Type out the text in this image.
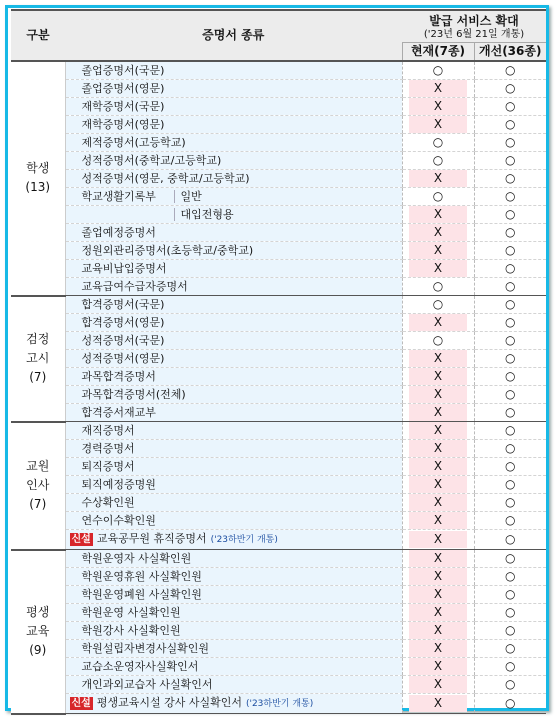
구분	증명서 종류	발급 서비스 확대
('23년 6월 21일 개통)	

		현재(7종)	개선(36종)

학생
(13)	졸업증명서(국문)	○	○
	졸업증명서(영문)	X	○
	재학증명서(국문)	X	○
	재학증명서(영문)	X	○
	제적증명서(고등학교)	○	○
	성적증명서(중학교/고등학교)	○	○
	성적증명서(영문, 중학교/고등학교)	X	○
	학교생활기록부 일반	○	○
	대입전형용	X	○
	졸업예정증명서	X	○
	정원외관리증명서(초등학교/중학교)	X	○
	교육비납입증명서	X	○
	교육급여수급자증명서	○	○

검정
고시
(7)	합격증명서(국문)	○	○
	합격증명서(영문)	X	○
	성적증명서(국문)	○	○
	성적증명서(영문)	X	○
	과목합격증명서	X	○
	과목합격증명서(전체)	X	○
	합격증서재교부	X	○

교원
인사
(7)	재직증명서	X	○
	경력증명서	X	○
	퇴직증명서	X	○
	퇴직예정증명원	X	○
	수상확인원	X	○
	연수이수확인원	X	○
	신설 교육공무원 휴직증명서 ('23하반기 개통)	X	○

평생
교육
(9)	학원운영자 사실확인원	X	○
	학원운영휴원 사실확인원	X	○
	학원운영폐원 사실확인원	X	○
	학원운영 사실확인원	X	○
	학원강사 사실확인원	X	○
	학원설립자변경사실확인원	X	○
	교습소운영자사실확인서	X	○
	개인과외교습자 사실확인서	X	○
	신설 평생교육시설 강사 사실확인서 ('23하반기 개통)	X	○
